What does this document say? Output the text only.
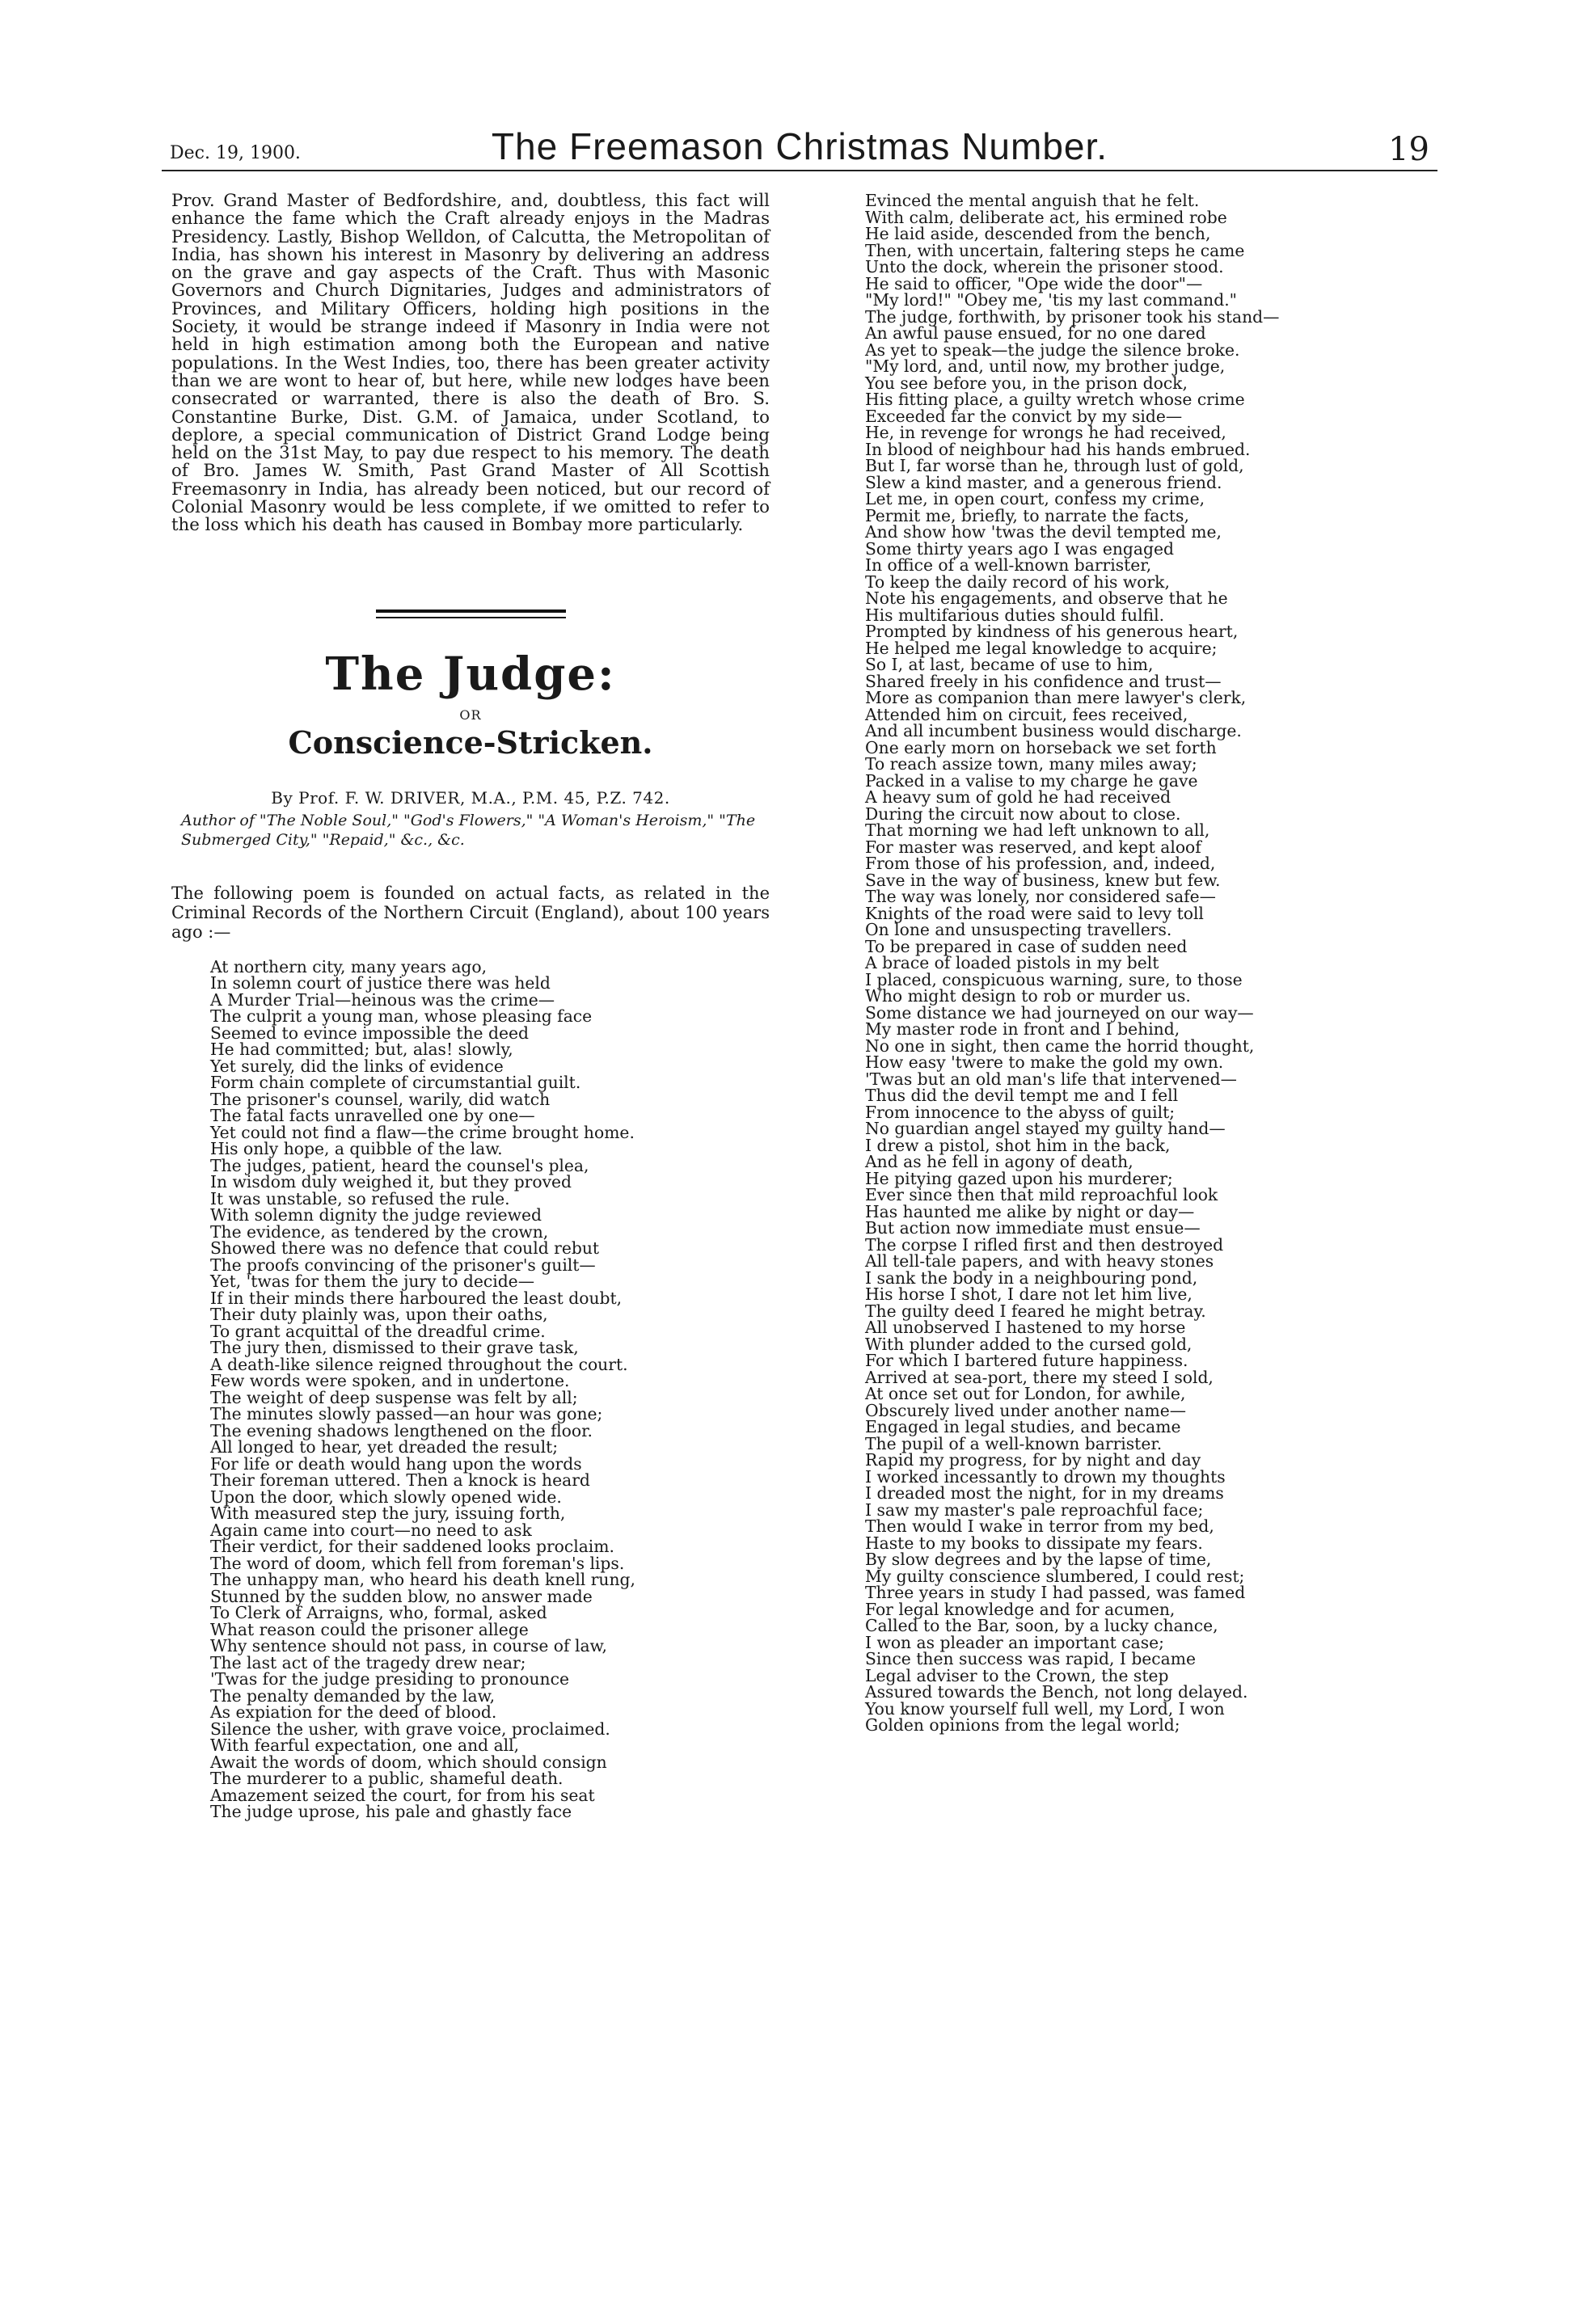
Dec. 19, 1900.	The Freemason Christmas Number.	19

Prov. Grand Master of Bedfordshire, and, doubtless, this fact will enhance the fame which the Craft already enjoys in the Madras Presidency. Lastly, Bishop Welldon, of Calcutta, the Metropolitan of India, has shown his interest in Masonry by delivering an address on the grave and gay aspects of the Craft. Thus with Masonic Governors and Church Dignitaries, Judges and administrators of Provinces, and Military Officers, holding high positions in the Society, it would be strange indeed if Masonry in India were not held in high estimation among both the European and native populations. In the West Indies, too, there has been greater activity than we are wont to hear of, but here, while new lodges have been consecrated or warranted, there is also the death of Bro. S. Constantine Burke, Dist. G.M. of Jamaica, under Scotland, to deplore, a special communication of District Grand Lodge being held on the 31st May, to pay due respect to his memory. The death of Bro. James W. Smith, Past Grand Master of All Scottish Freemasonry in India, has already been noticed, but our record of Colonial Masonry would be less complete, if we omitted to refer to the loss which his death has caused in Bombay more particularly.

The Judge:
OR
Conscience-Stricken.
By Prof. F. W. DRIVER, M.A., P.M. 45, P.Z. 742.
Author of "The Noble Soul," "God's Flowers," "A Woman's Heroism," "The Submerged City," "Repaid," &c., &c.

The following poem is founded on actual facts, as related in the Criminal Records of the Northern Circuit (England), about 100 years ago :—

At northern city, many years ago,
In solemn court of justice there was held
A Murder Trial—heinous was the crime—
The culprit a young man, whose pleasing face
Seemed to evince impossible the deed
He had committed; but, alas! slowly,
Yet surely, did the links of evidence
Form chain complete of circumstantial guilt.
The prisoner's counsel, warily, did watch
The fatal facts unravelled one by one—
Yet could not find a flaw—the crime brought home.
His only hope, a quibble of the law.
The judges, patient, heard the counsel's plea,
In wisdom duly weighed it, but they proved
It was unstable, so refused the rule.
With solemn dignity the judge reviewed
The evidence, as tendered by the crown,
Showed there was no defence that could rebut
The proofs convincing of the prisoner's guilt—
Yet, 'twas for them the jury to decide—
If in their minds there harboured the least doubt,
Their duty plainly was, upon their oaths,
To grant acquittal of the dreadful crime.
The jury then, dismissed to their grave task,
A death-like silence reigned throughout the court.
Few words were spoken, and in undertone.
The weight of deep suspense was felt by all;
The minutes slowly passed—an hour was gone;
The evening shadows lengthened on the floor.
All longed to hear, yet dreaded the result;
For life or death would hang upon the words
Their foreman uttered. Then a knock is heard
Upon the door, which slowly opened wide.
With measured step the jury, issuing forth,
Again came into court—no need to ask
Their verdict, for their saddened looks proclaim.
The word of doom, which fell from foreman's lips.
The unhappy man, who heard his death knell rung,
Stunned by the sudden blow, no answer made
To Clerk of Arraigns, who, formal, asked
What reason could the prisoner allege
Why sentence should not pass, in course of law,
The last act of the tragedy drew near;
'Twas for the judge presiding to pronounce
The penalty demanded by the law,
As expiation for the deed of blood.
Silence the usher, with grave voice, proclaimed.
With fearful expectation, one and all,
Await the words of doom, which should consign
The murderer to a public, shameful death.
Amazement seized the court, for from his seat
The judge uprose, his pale and ghastly face
Evinced the mental anguish that he felt.
With calm, deliberate act, his ermined robe
He laid aside, descended from the bench,
Then, with uncertain, faltering steps he came
Unto the dock, wherein the prisoner stood.
He said to officer, "Ope wide the door"—
"My lord!" "Obey me, 'tis my last command."
The judge, forthwith, by prisoner took his stand—
An awful pause ensued, for no one dared
As yet to speak—the judge the silence broke.
"My lord, and, until now, my brother judge,
You see before you, in the prison dock,
His fitting place, a guilty wretch whose crime
Exceeded far the convict by my side—
He, in revenge for wrongs he had received,
In blood of neighbour had his hands embrued.
But I, far worse than he, through lust of gold,
Slew a kind master, and a generous friend.
Let me, in open court, confess my crime,
Permit me, briefly, to narrate the facts,
And show how 'twas the devil tempted me,
Some thirty years ago I was engaged
In office of a well-known barrister,
To keep the daily record of his work,
Note his engagements, and observe that he
His multifarious duties should fulfil.
Prompted by kindness of his generous heart,
He helped me legal knowledge to acquire;
So I, at last, became of use to him,
Shared freely in his confidence and trust—
More as companion than mere lawyer's clerk,
Attended him on circuit, fees received,
And all incumbent business would discharge.
One early morn on horseback we set forth
To reach assize town, many miles away;
Packed in a valise to my charge he gave
A heavy sum of gold he had received
During the circuit now about to close.
That morning we had left unknown to all,
For master was reserved, and kept aloof
From those of his profession, and, indeed,
Save in the way of business, knew but few.
The way was lonely, nor considered safe—
Knights of the road were said to levy toll
On lone and unsuspecting travellers.
To be prepared in case of sudden need
A brace of loaded pistols in my belt
I placed, conspicuous warning, sure, to those
Who might design to rob or murder us.
Some distance we had journeyed on our way—
My master rode in front and I behind,
No one in sight, then came the horrid thought,
How easy 'twere to make the gold my own.
'Twas but an old man's life that intervened—
Thus did the devil tempt me and I fell
From innocence to the abyss of guilt;
No guardian angel stayed my guilty hand—
I drew a pistol, shot him in the back,
And as he fell in agony of death,
He pitying gazed upon his murderer;
Ever since then that mild reproachful look
Has haunted me alike by night or day—
But action now immediate must ensue—
The corpse I rifled first and then destroyed
All tell-tale papers, and with heavy stones
I sank the body in a neighbouring pond,
His horse I shot, I dare not let him live,
The guilty deed I feared he might betray.
All unobserved I hastened to my horse
With plunder added to the cursed gold,
For which I bartered future happiness.
Arrived at sea-port, there my steed I sold,
At once set out for London, for awhile,
Obscurely lived under another name—
Engaged in legal studies, and became
The pupil of a well-known barrister.
Rapid my progress, for by night and day
I worked incessantly to drown my thoughts
I dreaded most the night, for in my dreams
I saw my master's pale reproachful face;
Then would I wake in terror from my bed,
Haste to my books to dissipate my fears.
By slow degrees and by the lapse of time,
My guilty conscience slumbered, I could rest;
Three years in study I had passed, was famed
For legal knowledge and for acumen,
Called to the Bar, soon, by a lucky chance,
I won as pleader an important case;
Since then success was rapid, I became
Legal adviser to the Crown, the step
Assured towards the Bench, not long delayed.
You know yourself full well, my Lord, I won
Golden opinions from the legal world;
